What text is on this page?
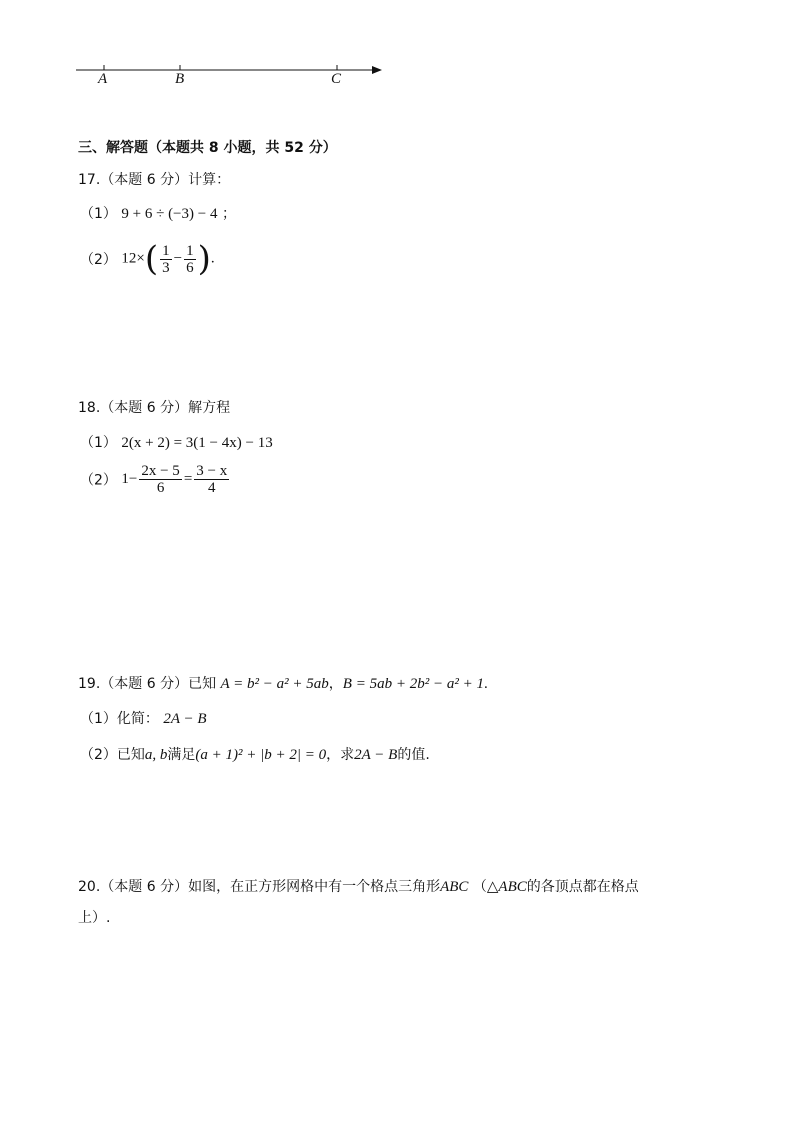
A	B	C
三、解答题（本题共 8 小题，共 52 分）
17.（本题 6 分）计算：
（1） 9 + 6 ÷ (−3) − 4 ；
（2） $12\times( \frac{1}{3} - \frac{1}{6}$ ).
18.（本题 6 分）解方程
（1） 2(x + 2) = 3(1 − 4x) − 13
（2） $1- \frac{2x - 5}{6} = \frac{3 - x}{4}$
19.（本题 6 分）已知 A = b² − a² + 5ab，B = 5ab + 2b² − a² + 1.
（1）化简： 2A − B
（2）已知a, b满足(a + 1)² + |b + 2| = 0，求2A − B的值.
20.（本题 6 分）如图，在正方形网格中有一个格点三角形ABC （△ABC的各顶点都在格点
上）.
